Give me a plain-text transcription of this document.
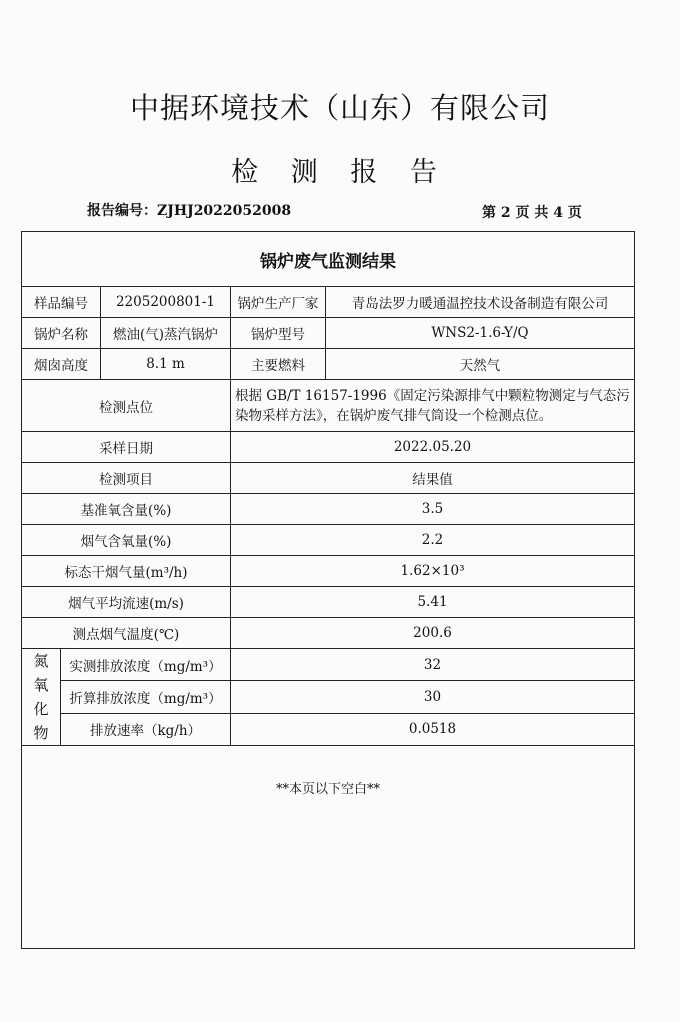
中据环境技术（山东）有限公司
检 测 报 告
报告编号：ZJHJ2022052008	第 2 页 共 4 页
锅炉废气监测结果				
样品编号		2205200801-1	锅炉生产厂家	青岛法罗力暖通温控技术设备制造有限公司
锅炉名称		燃油(气)蒸汽锅炉	锅炉型号	WNS2-1.6-Y/Q
烟囱高度		8.1 m	主要燃料	天然气
检测点位			根据 GB/T 16157-1996《固定污染源排气中颗粒物测定与气态污染物采样方法》，在锅炉废气排气筒设一个检测点位。	
采样日期			2022.05.20	
检测项目			结果值	
基准氧含量(%)			3.5	
烟气含氧量(%)			2.2	
标态干烟气量(m³/h)			1.62×10³	
烟气平均流速(m/s)			5.41	
测点烟气温度(℃)			200.6	
氮
氧
化
物	实测排放浓度（mg/m³）		32	
	折算排放浓度（mg/m³）		30	
	排放速率（kg/h）		0.0518	

**本页以下空白**				
